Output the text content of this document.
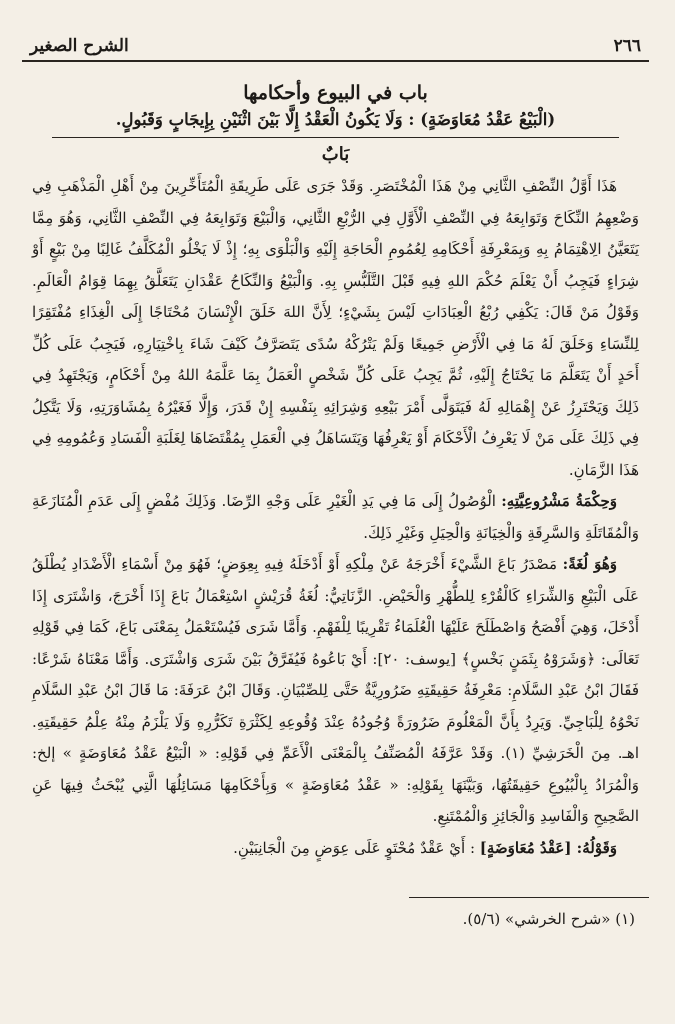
٢٦٦
الشرح الصغير
باب في البيوع وأحكامها
(الْبَيْعُ عَقْدُ مُعَاوَضَةٍ) : وَلَا يَكُونُ الْعَقْدُ إِلَّا بَيْنَ اثْنَيْنِ بِإِيجَابٍ وَقَبُولٍ.
بَابٌ

هَذَا أَوَّلُ النِّصْفِ الثَّانِي مِنْ هَذَا الْمُخْتَصَرِ. وَقَدْ جَرَى عَلَى طَرِيقَةِ الْمُتَأَخِّرِينَ مِنْ أَهْلِ الْمَذْهَبِ فِي وَضْعِهِمُ النِّكَاحَ وَتَوَابِعَهُ فِي النِّصْفِ الْأَوَّلِ فِي الرُّبْعِ الثَّانِي، وَالْبَيْعَ وَتَوَابِعَهُ فِي النِّصْفِ الثَّانِي، وَهُوَ مِمَّا يَتَعَيَّنُ الِاهْتِمَامُ بِهِ وَبِمَعْرِفَةِ أَحْكَامِهِ لِعُمُومِ الْحَاجَةِ إِلَيْهِ وَالْبَلْوَى بِهِ؛ إِذْ لَا يَخْلُو الْمُكَلَّفُ غَالِبًا مِنْ بَيْعٍ أَوْ شِرَاءٍ فَيَجِبُ أَنْ يَعْلَمَ حُكْمَ اللهِ فِيهِ قَبْلَ التَّلَبُّسِ بِهِ. وَالْبَيْعُ وَالنِّكَاحُ عَقْدَانِ يَتَعَلَّقُ بِهِمَا قِوَامُ الْعَالَمِ. وَقَوْلُ مَنْ قَالَ: يَكْفِي رُبْعُ الْعِبَادَاتِ لَيْسَ بِشَيْءٍ؛ لِأَنَّ اللهَ خَلَقَ الْإِنْسَانَ مُحْتَاجًا إِلَى الْغِذَاءِ مُفْتَقِرًا لِلنِّسَاءِ وَخَلَقَ لَهُ مَا فِي الْأَرْضِ جَمِيعًا وَلَمْ يَتْرُكْهُ سُدًى يَتَصَرَّفُ كَيْفَ شَاءَ بِاخْتِيَارِهِ، فَيَجِبُ عَلَى كُلِّ أَحَدٍ أَنْ يَتَعَلَّمَ مَا يَحْتَاجُ إِلَيْهِ، ثُمَّ يَجِبُ عَلَى كُلِّ شَخْصٍ الْعَمَلُ بِمَا عَلَّمَهُ اللهُ مِنْ أَحْكَامٍ، وَيَجْتَهِدُ فِي ذَلِكَ وَيَحْتَرِزُ عَنْ إِهْمَالِهِ لَهُ فَيَتَوَلَّى أَمْرَ بَيْعِهِ وَشِرَائِهِ بِنَفْسِهِ إِنْ قَدَرَ، وَإِلَّا فَغَيْرُهُ بِمُشَاوَرَتِهِ، وَلَا يَتَّكِلُ فِي ذَلِكَ عَلَى مَنْ لَا يَعْرِفُ الْأَحْكَامَ أَوْ يَعْرِفُهَا وَيَتَسَاهَلُ فِي الْعَمَلِ بِمُقْتَضَاهَا لِغَلَبَةِ الْفَسَادِ وَعُمُومِهِ فِي هَذَا الزَّمَانِ.

وَحِكْمَةُ مَشْرُوعِيَّتِهِ: الْوُصُولُ إِلَى مَا فِي يَدِ الْغَيْرِ عَلَى وَجْهِ الرِّضَا. وَذَلِكَ مُفْضٍ إِلَى عَدَمِ الْمُنَازَعَةِ وَالْمُقَاتَلَةِ وَالسَّرِقَةِ وَالْخِيَانَةِ وَالْحِيَلِ وَغَيْرِ ذَلِكَ.

وَهُوَ لُغَةً: مَصْدَرُ بَاعَ الشَّيْءَ أَخْرَجَهُ عَنْ مِلْكِهِ أَوْ أَدْخَلَهُ فِيهِ بِعِوَضٍ؛ فَهُوَ مِنْ أَسْمَاءِ الْأَضْدَادِ يُطْلَقُ عَلَى الْبَيْعِ وَالشِّرَاءِ كَالْقُرْءِ لِلطُّهْرِ وَالْحَيْضِ. الزَّنَاتِيُّ: لُغَةُ قُرَيْشٍ اسْتِعْمَالُ بَاعَ إِذَا أَخْرَجَ، وَاشْتَرَى إِذَا أَدْخَلَ، وَهِيَ أَفْصَحُ وَاصْطَلَحَ عَلَيْهَا الْعُلَمَاءُ تَقْرِيبًا لِلْفَهْمِ. وَأَمَّا شَرَى فَيُسْتَعْمَلُ بِمَعْنَى بَاعَ، كَمَا فِي قَوْلِهِ تَعَالَى: ﴿وَشَرَوْهُ بِثَمَنٍ بَخْسٍ﴾ [يوسف: ٢٠]: أَيْ بَاعُوهُ فَيُفَرَّقُ بَيْنَ شَرَى وَاشْتَرَى. وَأَمَّا مَعْنَاهُ شَرْعًا: فَقَالَ ابْنُ عَبْدِ السَّلَامِ: مَعْرِفَةُ حَقِيقَتِهِ ضَرُورِيَّةٌ حَتَّى لِلصِّبْيَانِ. وَقَالَ ابْنُ عَرَفَةَ: مَا قَالَ ابْنُ عَبْدِ السَّلَامِ نَحْوُهُ لِلْبَاجِيِّ. وَيَرِدُ بِأَنَّ الْمَعْلُومَ ضَرُورَةً وُجُودُهُ عِنْدَ وُقُوعِهِ لِكَثْرَةِ تَكَرُّرِهِ وَلَا يَلْزَمُ مِنْهُ عِلْمُ حَقِيقَتِهِ. اهـ. مِنَ الْخَرَشِيِّ (١). وَقَدْ عَرَّفَهُ الْمُصَنِّفُ بِالْمَعْنَى الْأَعَمِّ فِي قَوْلِهِ: « الْبَيْعُ عَقْدُ مُعَاوَضَةٍ » إلخ: وَالْمُرَادُ بِالْبُيُوعِ حَقِيقَتُهَا، وَبَيَّنَهَا بِقَوْلِهِ: « عَقْدُ مُعَاوَضَةٍ » وَبِأَحْكَامِهَا مَسَائِلُهَا الَّتِي يُبْحَثُ فِيهَا عَنِ الصَّحِيحِ وَالْفَاسِدِ وَالْجَائِزِ وَالْمُمْتَنِعِ.

وَقَوْلُهُ: [عَقْدُ مُعَاوَضَةٍ] : أَيْ عَقْدٌ مُحْتَوٍ عَلَى عِوَضٍ مِنَ الْجَانِبَيْنِ.

(١) «شرح الخرشي» (٥/٦).
